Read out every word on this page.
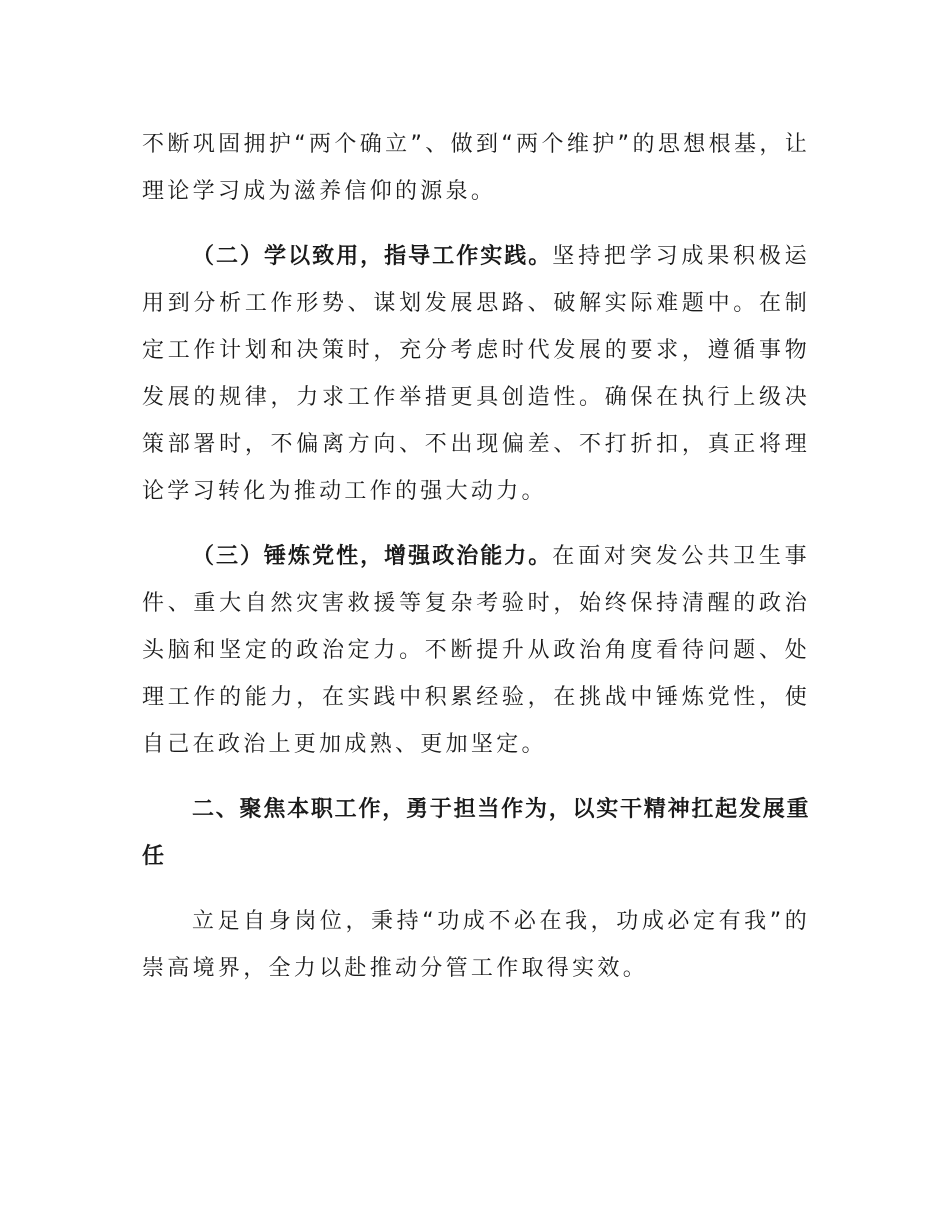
不断巩固拥护“两个确立”、做到“两个维护”的思想根基，让理论学习成为滋养信仰的源泉。

（二）学以致用，指导工作实践。坚持把学习成果积极运用到分析工作形势、谋划发展思路、破解实际难题中。在制定工作计划和决策时，充分考虑时代发展的要求，遵循事物发展的规律，力求工作举措更具创造性。确保在执行上级决策部署时，不偏离方向、不出现偏差、不打折扣，真正将理论学习转化为推动工作的强大动力。

（三）锤炼党性，增强政治能力。在面对突发公共卫生事件、重大自然灾害救援等复杂考验时，始终保持清醒的政治头脑和坚定的政治定力。不断提升从政治角度看待问题、处理工作的能力，在实践中积累经验，在挑战中锤炼党性，使自己在政治上更加成熟、更加坚定。

二、聚焦本职工作，勇于担当作为，以实干精神扛起发展重任

立足自身岗位，秉持“功成不必在我，功成必定有我”的崇高境界，全力以赴推动分管工作取得实效。
